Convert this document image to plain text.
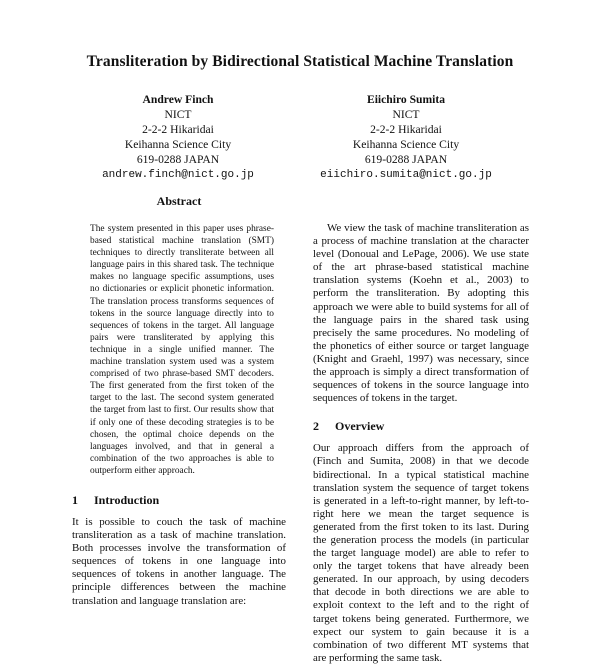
Transliteration by Bidirectional Statistical Machine Translation
Andrew Finch
NICT
2-2-2 Hikaridai
Keihanna Science City
619-0288 JAPAN
andrew.finch@nict.go.jp
Eiichiro Sumita
NICT
2-2-2 Hikaridai
Keihanna Science City
619-0288 JAPAN
eiichiro.sumita@nict.go.jp
Abstract

The system presented in this paper uses phrase-based statistical machine translation (SMT) techniques to directly transliterate between all language pairs in this shared task. The technique makes no language specific assumptions, uses no dictionaries or explicit phonetic information. The translation process transforms sequences of tokens in the source language directly into to sequences of tokens in the target. All language pairs were transliterated by applying this technique in a single unified manner. The machine translation system used was a system comprised of two phrase-based SMT decoders. The first generated from the first token of the target to the last. The second system generated the target from last to first. Our results show that if only one of these decoding strategies is to be chosen, the optimal choice depends on the languages involved, and that in general a combination of the two approaches is able to outperform either approach.

1 Introduction

It is possible to couch the task of machine transliteration as a task of machine translation. Both processes involve the transformation of sequences of tokens in one language into sequences of tokens in another language. The principle differences between the machine translation and language translation are:

We view the task of machine transliteration as a process of machine translation at the character level (Donoual and LePage, 2006). We use state of the art phrase-based statistical machine translation systems (Koehn et al., 2003) to perform the transliteration. By adopting this approach we were able to build systems for all of the language pairs in the shared task using precisely the same procedures. No modeling of the phonetics of either source or target language (Knight and Graehl, 1997) was necessary, since the approach is simply a direct transformation of sequences of tokens in the source language into sequences of tokens in the target.

2 Overview

Our approach differs from the approach of (Finch and Sumita, 2008) in that we decode bidirectional. In a typical statistical machine translation system the sequence of target tokens is generated in a left-to-right manner, by left-to-right here we mean the target sequence is generated from the first token to its last. During the generation process the models (in particular the target language model) are able to refer to only the target tokens that have already been generated. In our approach, by using decoders that decode in both directions we are able to exploit context to the left and to the right of target tokens being generated. Furthermore, we expect our system to gain because it is a combination of two different MT systems that are performing the same task.
